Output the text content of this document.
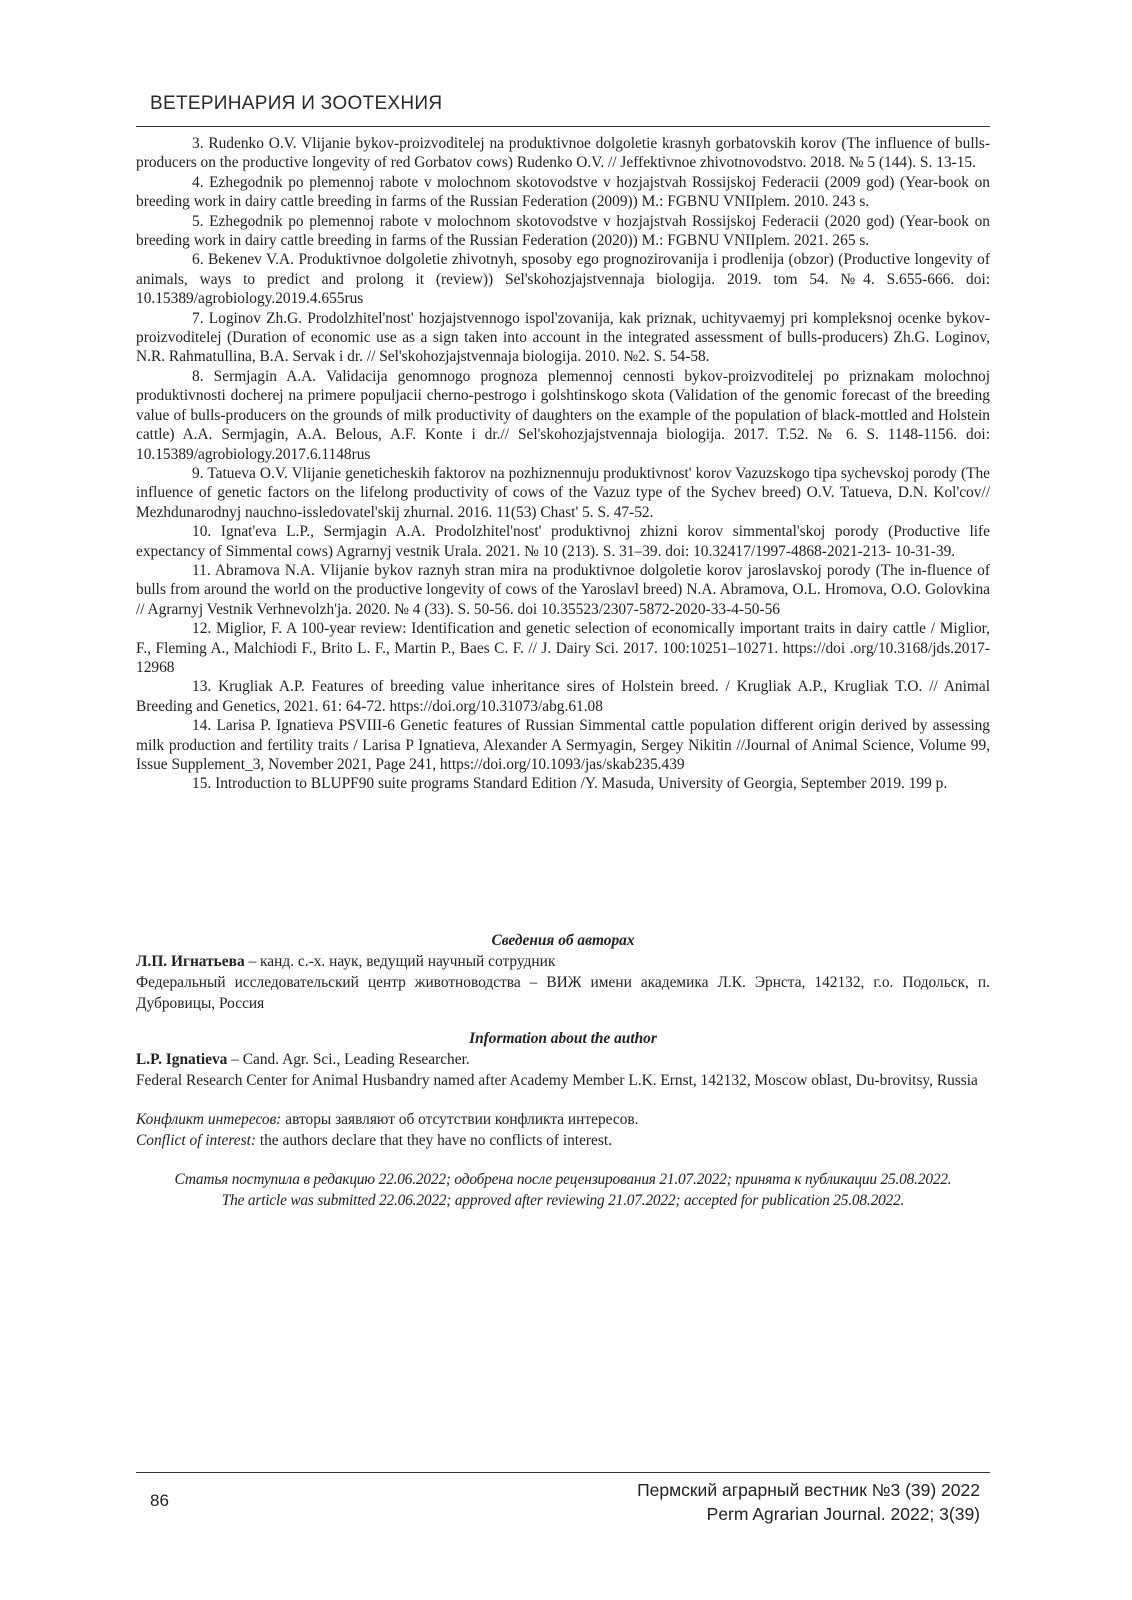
ВЕТЕРИНАРИЯ И ЗООТЕХНИЯ

3. Rudenko O.V. Vlijanie bykov-proizvoditelej na produktivnoe dolgoletie krasnyh gorbatovskih korov (The influence of bulls-producers on the productive longevity of red Gorbatov cows) Rudenko O.V. // Jeffektivnoe zhivotnovodstvo. 2018. № 5 (144). S. 13-15.

4. Ezhegodnik po plemennoj rabote v molochnom skotovodstve v hozjajstvah Rossijskoj Federacii (2009 god) (Year-book on breeding work in dairy cattle breeding in farms of the Russian Federation (2009)) M.: FGBNU VNIIplem. 2010. 243 s.

5. Ezhegodnik po plemennoj rabote v molochnom skotovodstve v hozjajstvah Rossijskoj Federacii (2020 god) (Year-book on breeding work in dairy cattle breeding in farms of the Russian Federation (2020)) M.: FGBNU VNIIplem. 2021. 265 s.

6. Bekenev V.A. Produktivnoe dolgoletie zhivotnyh, sposoby ego prognozirovanija i prodlenija (obzor) (Productive longevity of animals, ways to predict and prolong it (review)) Sel'skohozjajstvennaja biologija. 2019. tom 54. №4. S.655-666. doi: 10.15389/agrobiology.2019.4.655rus

7. Loginov Zh.G. Prodolzhitel'nost' hozjajstvennogo ispol'zovanija, kak priznak, uchityvaemyj pri kompleksnoj ocenke bykov-proizvoditelej (Duration of economic use as a sign taken into account in the integrated assessment of bulls-producers) Zh.G. Loginov, N.R. Rahmatullina, B.A. Servak i dr. // Sel'skohozjajstvennaja biologija. 2010. №2. S. 54-58.

8. Sermjagin A.A. Validacija genomnogo prognoza plemennoj cennosti bykov-proizvoditelej po priznakam molochnoj produktivnosti docherej na primere populjacii cherno-pestrogo i golshtinskogo skota (Validation of the genomic forecast of the breeding value of bulls-producers on the grounds of milk productivity of daughters on the example of the population of black-mottled and Holstein cattle) A.A. Sermjagin, A.A. Belous, A.F. Konte i dr.// Sel'skohozjajstvennaja biologija. 2017. T.52. № 6. S. 1148-1156. doi: 10.15389/agrobiology.2017.6.1148rus

9. Tatueva O.V. Vlijanie geneticheskih faktorov na pozhiznennuju produktivnost' korov Vazuzskogo tipa sychevskoj porody (The influence of genetic factors on the lifelong productivity of cows of the Vazuz type of the Sychev breed) O.V. Tatueva, D.N. Kol'cov// Mezhdunarodnyj nauchno-issledovatel'skij zhurnal. 2016. 11(53) Chast' 5. S. 47-52.

10. Ignat'eva L.P., Sermjagin A.A. Prodolzhitel'nost' produktivnoj zhizni korov simmental'skoj porody (Productive life expectancy of Simmental cows) Agrarnyj vestnik Urala. 2021. № 10 (213). S. 31–39. doi: 10.32417/1997-4868-2021-213- 10-31-39.

11. Abramova N.A. Vlijanie bykov raznyh stran mira na produktivnoe dolgoletie korov jaroslavskoj porody (The in-fluence of bulls from around the world on the productive longevity of cows of the Yaroslavl breed) N.A. Abramova, O.L. Hromova, O.O. Golovkina // Agrarnyj Vestnik Verhnevolzh'ja. 2020. № 4 (33). S. 50-56. doi 10.35523/2307-5872-2020-33-4-50-56

12. Miglior, F. A 100-year review: Identification and genetic selection of economically important traits in dairy cattle / Miglior, F., Fleming A., Malchiodi F., Brito L. F., Martin P., Baes C. F. // J. Dairy Sci. 2017. 100:10251–10271. https://doi .org/10.3168/jds.2017-12968

13. Krugliak A.P. Features of breeding value inheritance sires of Holstein breed. / Krugliak A.P., Krugliak T.O. // Animal Breeding and Genetics, 2021. 61: 64-72. https://doi.org/10.31073/abg.61.08

14. Larisa P. Ignatieva PSVIII-6 Genetic features of Russian Simmental cattle population different origin derived by assessing milk production and fertility traits / Larisa P Ignatieva, Alexander A Sermyagin, Sergey Nikitin //Journal of Animal Science, Volume 99, Issue Supplement_3, November 2021, Page 241, https://doi.org/10.1093/jas/skab235.439

15. Introduction to BLUPF90 suite programs Standard Edition /Y. Masuda, University of Georgia, September 2019. 199 p.

Сведения об авторах

Л.П. Игнатьева – канд. с.-х. наук, ведущий научный сотрудник

Федеральный исследовательский центр животноводства – ВИЖ имени академика Л.К. Эрнста, 142132, г.о. Подольск, п. Дубровицы, Россия

Information about the author

L.P. Ignatieva – Cand. Agr. Sci., Leading Researcher.

Federal Research Center for Animal Husbandry named after Academy Member L.K. Ernst, 142132, Moscow oblast, Du-brovitsy, Russia

Конфликт интересов: авторы заявляют об отсутствии конфликта интересов.

Conflict of interest: the authors declare that they have no conflicts of interest.

Статья поступила в редакцию 22.06.2022; одобрена после рецензирования 21.07.2022; принята к публикации 25.08.2022.

The article was submitted 22.06.2022; approved after reviewing 21.07.2022; accepted for publication 25.08.2022.

86
Пермский аграрный вестник №3 (39) 2022
Perm Agrarian Journal. 2022; 3(39)
